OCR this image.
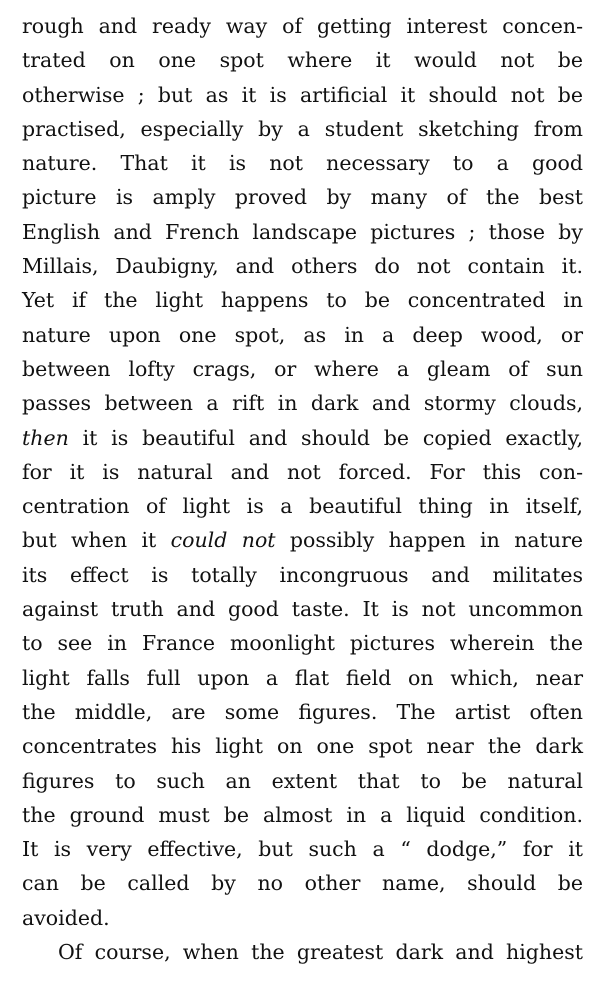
rough and ready way of getting interest concen-
trated on one spot where it would not be
otherwise ; but as it is artificial it should not be
practised, especially by a student sketching from
nature. That it is not necessary to a good
picture is amply proved by many of the best
English and French landscape pictures ; those by
Millais, Daubigny, and others do not contain it.
Yet if the light happens to be concentrated in
nature upon one spot, as in a deep wood, or
between lofty crags, or where a gleam of sun
passes between a rift in dark and stormy clouds,
then it is beautiful and should be copied exactly,
for it is natural and not forced. For this con-
centration of light is a beautiful thing in itself,
but when it could not possibly happen in nature
its effect is totally incongruous and militates
against truth and good taste. It is not uncommon
to see in France moonlight pictures wherein the
light falls full upon a flat field on which, near
the middle, are some figures. The artist often
concentrates his light on one spot near the dark
figures to such an extent that to be natural
the ground must be almost in a liquid condition.
It is very effective, but such a “ dodge,” for it
can be called by no other name, should be
avoided.
Of course, when the greatest dark and highest
